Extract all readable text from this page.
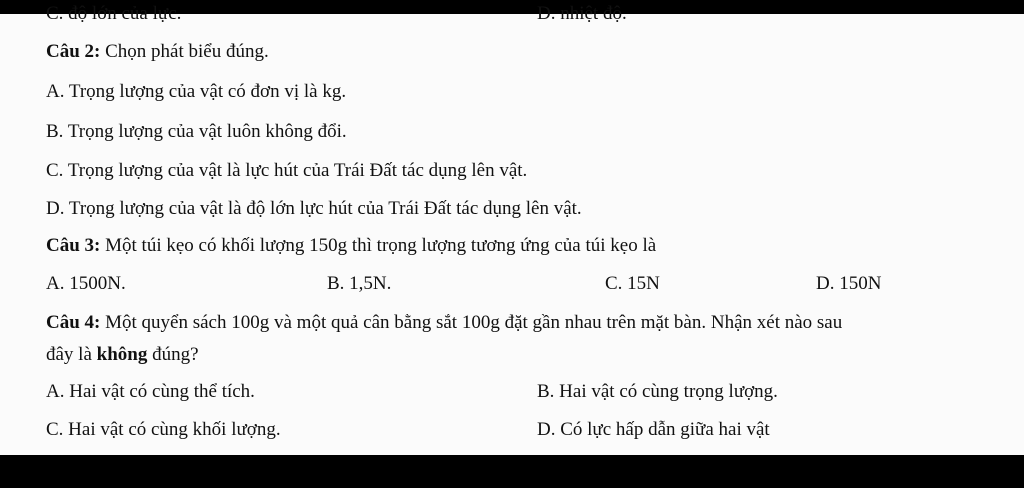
C. độ lớn của lực.	D. nhiệt độ.
Câu 2: Chọn phát biểu đúng.
A. Trọng lượng của vật có đơn vị là kg.
B. Trọng lượng của vật luôn không đổi.
C. Trọng lượng của vật là lực hút của Trái Đất tác dụng lên vật.
D. Trọng lượng của vật là độ lớn lực hút của Trái Đất tác dụng lên vật.
Câu 3: Một túi kẹo có khối lượng 150g thì trọng lượng tương ứng của túi kẹo là
A. 1500N.	B. 1,5N.	C. 15N	D. 150N
Câu 4: Một quyển sách 100g và một quả cân bằng sắt 100g đặt gần nhau trên mặt bàn. Nhận xét nào sau
đây là không đúng?
A. Hai vật có cùng thể tích.	B. Hai vật có cùng trọng lượng.
C. Hai vật có cùng khối lượng.	D. Có lực hấp dẫn giữa hai vật
